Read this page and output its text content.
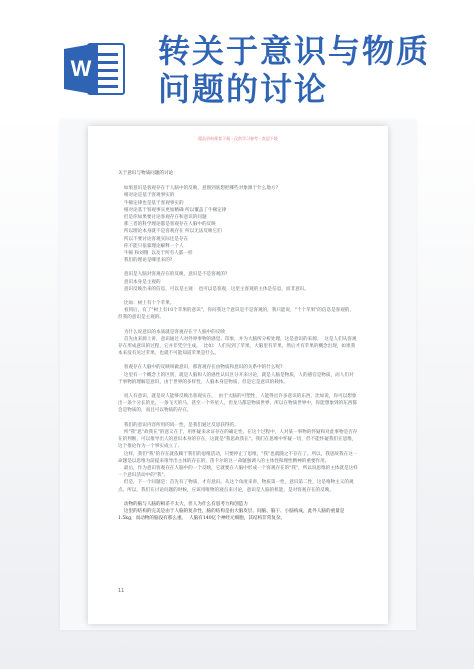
W 转关于意识与物质
问题的讨论
精品资料推荐下载 · 仅供学习参考 · 欢迎下载

关于意识与物质问题的讨论

如果意识是客观存在于人脑中的反映，意图到底想把哪些对象源于什么地方?
相对论是基于客观事实的
牛顿定律也是基于客观事实的
相对论基于客观事实更加精确 所以覆盖了牛顿定律
但是你如果要讨论客观存在和意识的问题
那三者的科学理论都是客观存在人脑中的反映
所以理论本身就不是客观存在 所以无法反映它们
所以不要讨论客观实际还是存在
你不能只依靠理论解释一个人
牛顿 和刘翔  以及于所有人都一样
我们的理论是哪里来的?

意识是人脑对客观存在的反映，意识是不是客观的?
意识本身是主观的
意识反映出来的信息，可以是主观    也可以是客观，这里主客观的主体是信息，而非意识。

比如：树上有十个苹果。
看到后，有了"树上有10个苹果的意识"，你问我这个意识是不是客观的，我只能说，"十个苹果"的信息是客观的，但我的意识是主观的。

为什么说意识的本质就是客观存在于人脑中的反映
首先由来源上讲，意识通过人对外界事物的感觉、印象，并为大脑所分析处理，这是意识的来源。  这是人们从客观存在形成意识的过程，它并非凭空生成。  比如：人们见到了苹果，大脑里有苹果，然后才有苹果的概念出现，如果我本来没有见过苹果，也就不可能知道苹果是什么。

客观存在人脑中的反映叫做意识，那客观存在由物质和意识的关系中的什么呢?
这里有一个概念上的区别，就是人脑和人的感性认识区分开来讨论，就是人脑是物质，人的感官是物质，而人们对于事物的理解是意识，由于世界的多样性，人脑本身是物质，但是它是意识的载体。

说人有意识，就是说人能够反映出客观实在。  由于大脑的可塑性，人能得出许多意识的东西，比如说，你可以想象出一条十分长的龙、一条飞天的马，甚至一个外星人，但龙马都是物质世界，所以在物质世界中，你能想象到的东西都会是物质的，而且可以物质的存在。

我们的意识内容所用的同一性，是我们通过反思获得的。
所"我"思"故我在"的意义在于，用怀疑来求证存在的确定性，在这个过程中，人对某一事物的怀疑和对此事物是否存在的判断，可以推导出人的意识本身的存在，这就是"我思故我在"。我们在思维中怀疑一切，但不能怀疑我们在思维，这个推论作为一个事实成立了。
这样，我们"我"的存在就依赖于我们的思维活动，只要停止了思维，"我"也就随之不存在了。所以，我思故我在这一命题是以思维为前提来推导出主体的存在的，笛卡尔的这一命题强调人的主体性和理性精神的重要作用。
最后，作为意识客观存在人脑中的一个反映，它就要在人脑中形成一个客观存在的"我"，所以说思维的主体就是这样一个意识活动中的"我"。
但是，下一个问题是：首先有了物质，才有意识。从这个角度来讲，物质第一性，意识第二性，这是唯物主义的观点。所以，我们在讨论问题的时候，应该用唯物的观点来讨论，意识是人脑的机能，是对客观存在的反映。

动物的脑与人脑的相差不太大，但人为什么有思考力和创造力
这里的结构的完美是由于人脑的复杂性，脑的结构是由大脑皮层、间脑、脑干、小脑构成，此外人脑的重量是1.5kg，而动物的脑没有那么重。  人脑有140亿个神经元细胞，其结构非常复杂。

11
